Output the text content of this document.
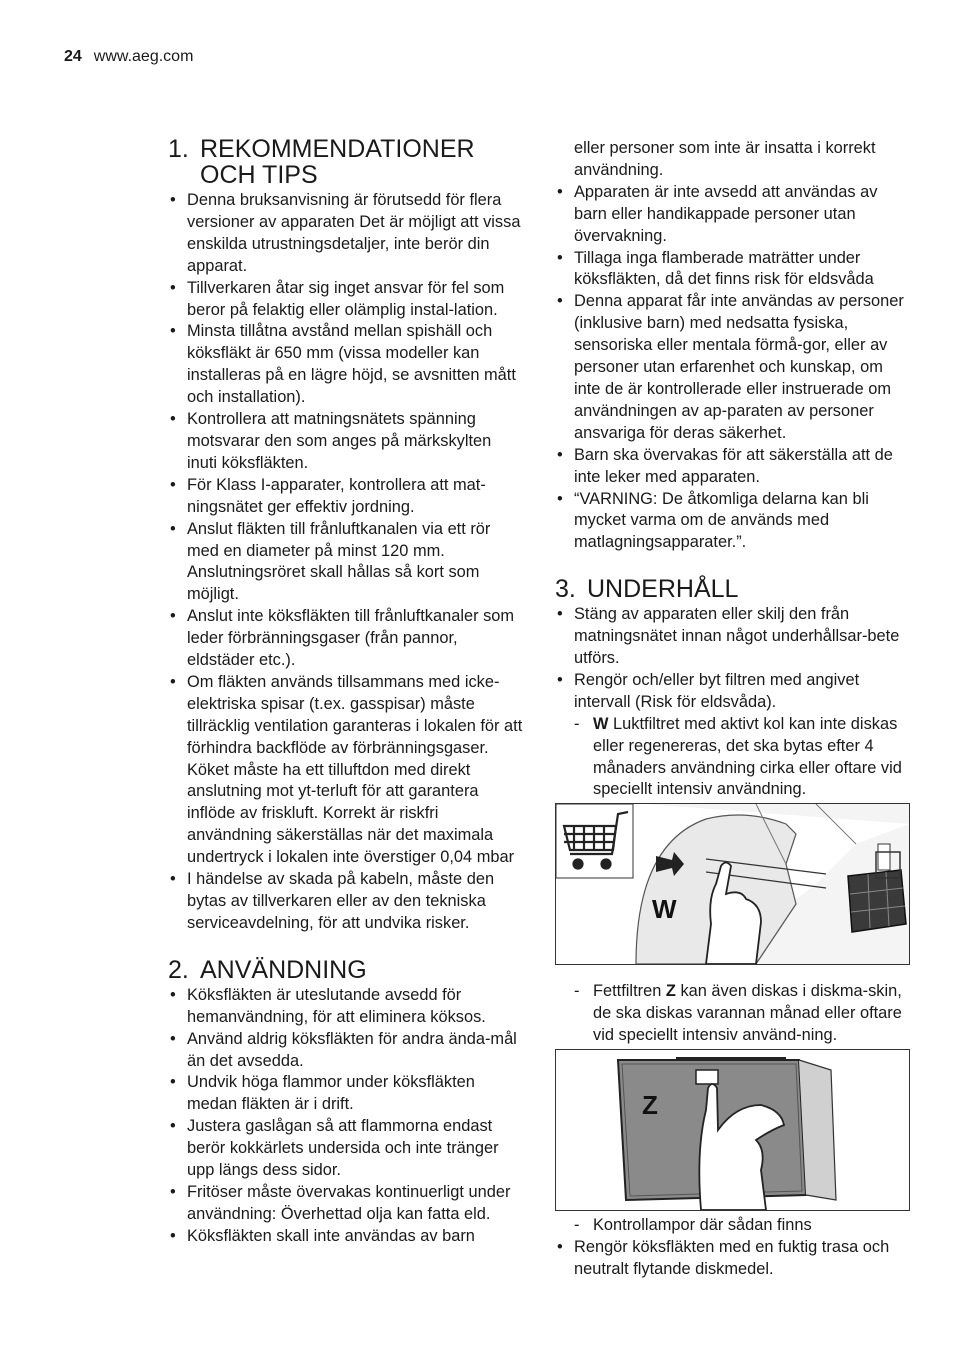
24 www.aeg.com
1. REKOMMENDATIONER OCH TIPS
• Denna bruksanvisning är förutsedd för flera versioner av apparaten Det är möjligt att vissa enskilda utrustningsdetaljer, inte berör din apparat.
• Tillverkaren åtar sig inget ansvar för fel som beror på felaktig eller olämplig instal-lation.
• Minsta tillåtna avstånd mellan spishäll och köksfläkt är 650 mm (vissa modeller kan installeras på en lägre höjd, se avsnitten mått och installation).
• Kontrollera att matningsnätets spänning motsvarar den som anges på märkskylten inuti köksfläkten.
• För Klass I-apparater, kontrollera att mat-ningsnätet ger effektiv jordning.
• Anslut fläkten till frånluftkanalen via ett rör med en diameter på minst 120 mm. Anslutningsröret skall hållas så kort som möjligt.
• Anslut inte köksfläkten till frånluftkanaler som leder förbränningsgaser (från pannor, eldstäder etc.).
• Om fläkten används tillsammans med icke-elektriska spisar (t.ex. gasspisar) måste tillräcklig ventilation garanteras i lokalen för att förhindra backflöde av förbränningsgaser. Köket måste ha ett tilluftdon med direkt anslutning mot yt-terluft för att garantera inflöde av friskluft. Korrekt är riskfri användning säkerställas när det maximala undertryck i lokalen inte överstiger 0,04 mbar
• I händelse av skada på kabeln, måste den bytas av tillverkaren eller av den tekniska serviceavdelning, för att undvika risker.
2. ANVÄNDNING
• Köksfläkten är uteslutande avsedd för hemanvändning, för att eliminera köksos.
• Använd aldrig köksfläkten för andra ända-mål än det avsedda.
• Undvik höga flammor under köksfläkten medan fläkten är i drift.
• Justera gaslågan så att flammorna endast berör kokkärlets undersida och inte tränger upp längs dess sidor.
• Fritöser måste övervakas kontinuerligt under användning: Överhettad olja kan fatta eld.
• Köksfläkten skall inte användas av barn
eller personer som inte är insatta i korrekt användning.
• Apparaten är inte avsedd att användas av barn eller handikappade personer utan övervakning.
• Tillaga inga flamberade maträtter under köksfläkten, då det finns risk för eldsvåda
• Denna apparat får inte användas av personer (inklusive barn) med nedsatta fysiska, sensoriska eller mentala förmå-gor, eller av personer utan erfarenhet och kunskap, om inte de är kontrollerade eller instruerade om användningen av ap-paraten av personer ansvariga för deras säkerhet.
• Barn ska övervakas för att säkerställa att de inte leker med apparaten.
• “VARNING: De åtkomliga delarna kan bli mycket varma om de används med matlagningsapparater.”.
3. UNDERHÅLL
• Stäng av apparaten eller skilj den från matningsnätet innan något underhållsar-bete utförs.
• Rengör och/eller byt filtren med angivet intervall (Risk för eldsvåda).
- W Luktfiltret med aktivt kol kan inte diskas eller regenereras, det ska bytas efter 4 månaders användning cirka eller oftare vid speciellt intensiv användning.
W
- Fettfiltren Z kan även diskas i diskma-skin, de ska diskas varannan månad eller oftare vid speciellt intensiv använd-ning.
Z
- Kontrollampor där sådan finns
• Rengör köksfläkten med en fuktig trasa och neutralt flytande diskmedel.
